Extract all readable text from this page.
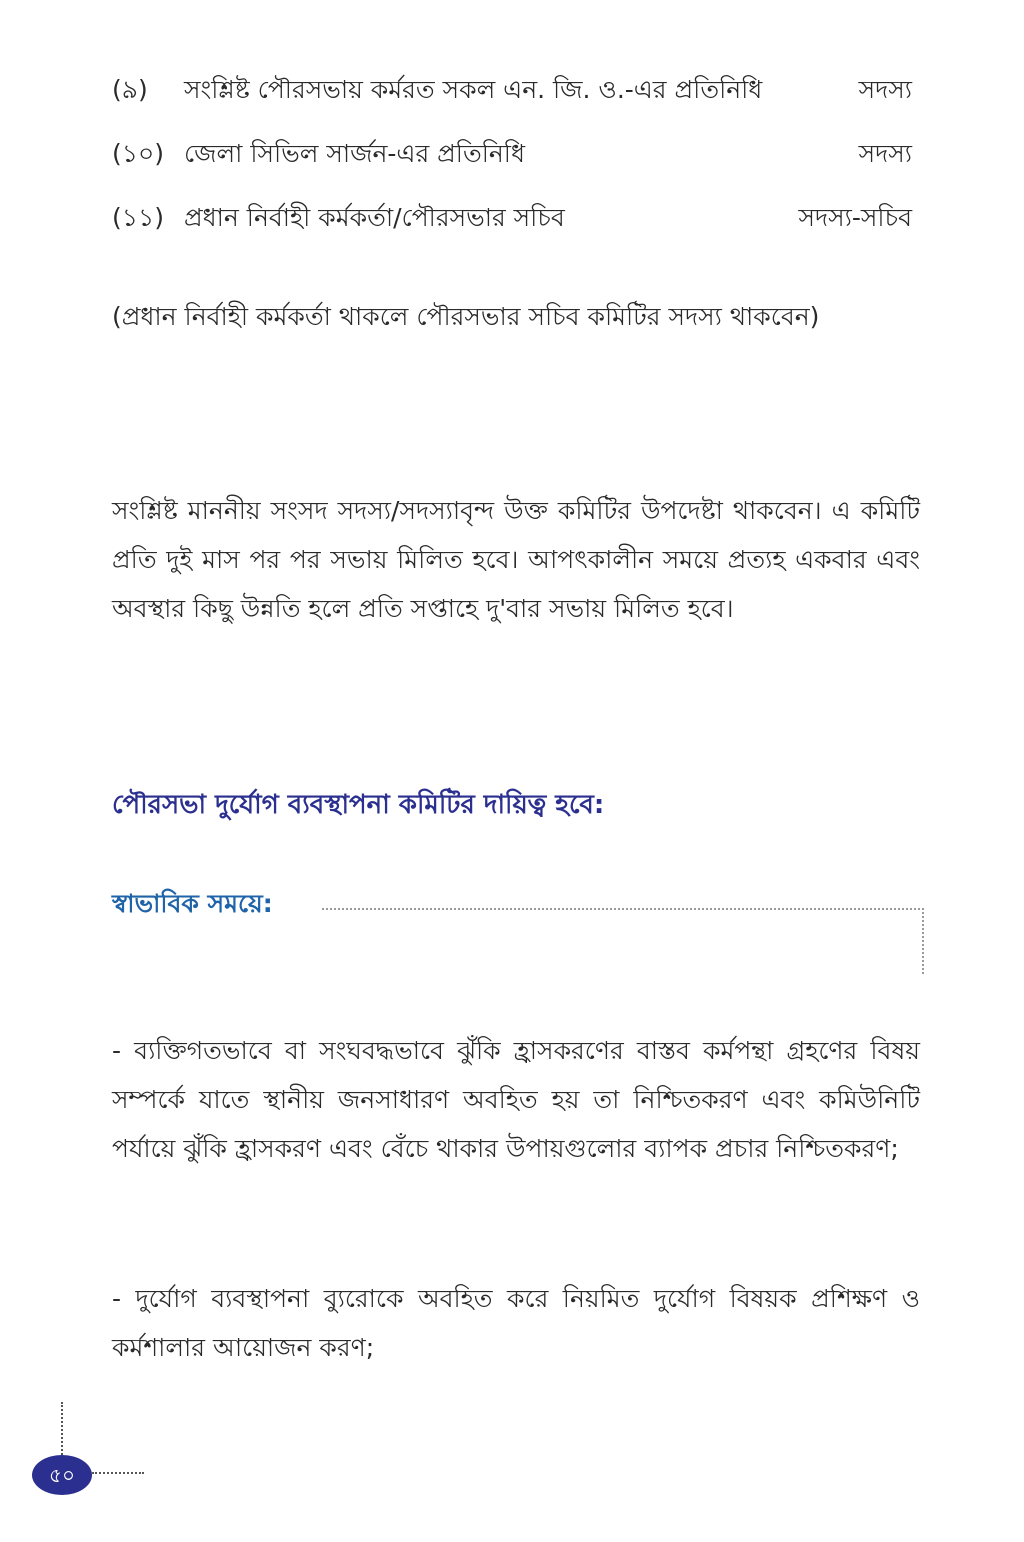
(৯) সংশ্লিষ্ট পৌরসভায় কর্মরত সকল এন. জি. ও.-এর প্রতিনিধি	সদস্য
(১০) জেলা সিভিল সার্জন-এর প্রতিনিধি	সদস্য
(১১) প্রধান নির্বাহী কর্মকর্তা/পৌরসভার সচিব	সদস্য-সচিব

(প্রধান নির্বাহী কর্মকর্তা থাকলে পৌরসভার সচিব কমিটির সদস্য থাকবেন)

সংশ্লিষ্ট মাননীয় সংসদ সদস্য/সদস্যাবৃন্দ উক্ত কমিটির উপদেষ্টা থাকবেন। এ কমিটি প্রতি দুই মাস পর পর সভায় মিলিত হবে। আপৎকালীন সময়ে প্রত্যহ একবার এবং অবস্থার কিছু উন্নতি হলে প্রতি সপ্তাহে দু'বার সভায় মিলিত হবে।

পৌরসভা দুর্যোগ ব্যবস্থাপনা কমিটির দায়িত্ব হবে:
স্বাভাবিক সময়ে:

- ব্যক্তিগতভাবে বা সংঘবদ্ধভাবে ঝুঁকি হ্রাসকরণের বাস্তব কর্মপন্থা গ্রহণের বিষয় সম্পর্কে যাতে স্থানীয় জনসাধারণ অবহিত হয় তা নিশ্চিতকরণ এবং কমিউনিটি পর্যায়ে ঝুঁকি হ্রাসকরণ এবং বেঁচে থাকার উপায়গুলোর ব্যাপক প্রচার নিশ্চিতকরণ;

- দুর্যোগ ব্যবস্থাপনা ব্যুরোকে অবহিত করে নিয়মিত দুর্যোগ বিষয়ক প্রশিক্ষণ ও কর্মশালার আয়োজন করণ;

৫০
